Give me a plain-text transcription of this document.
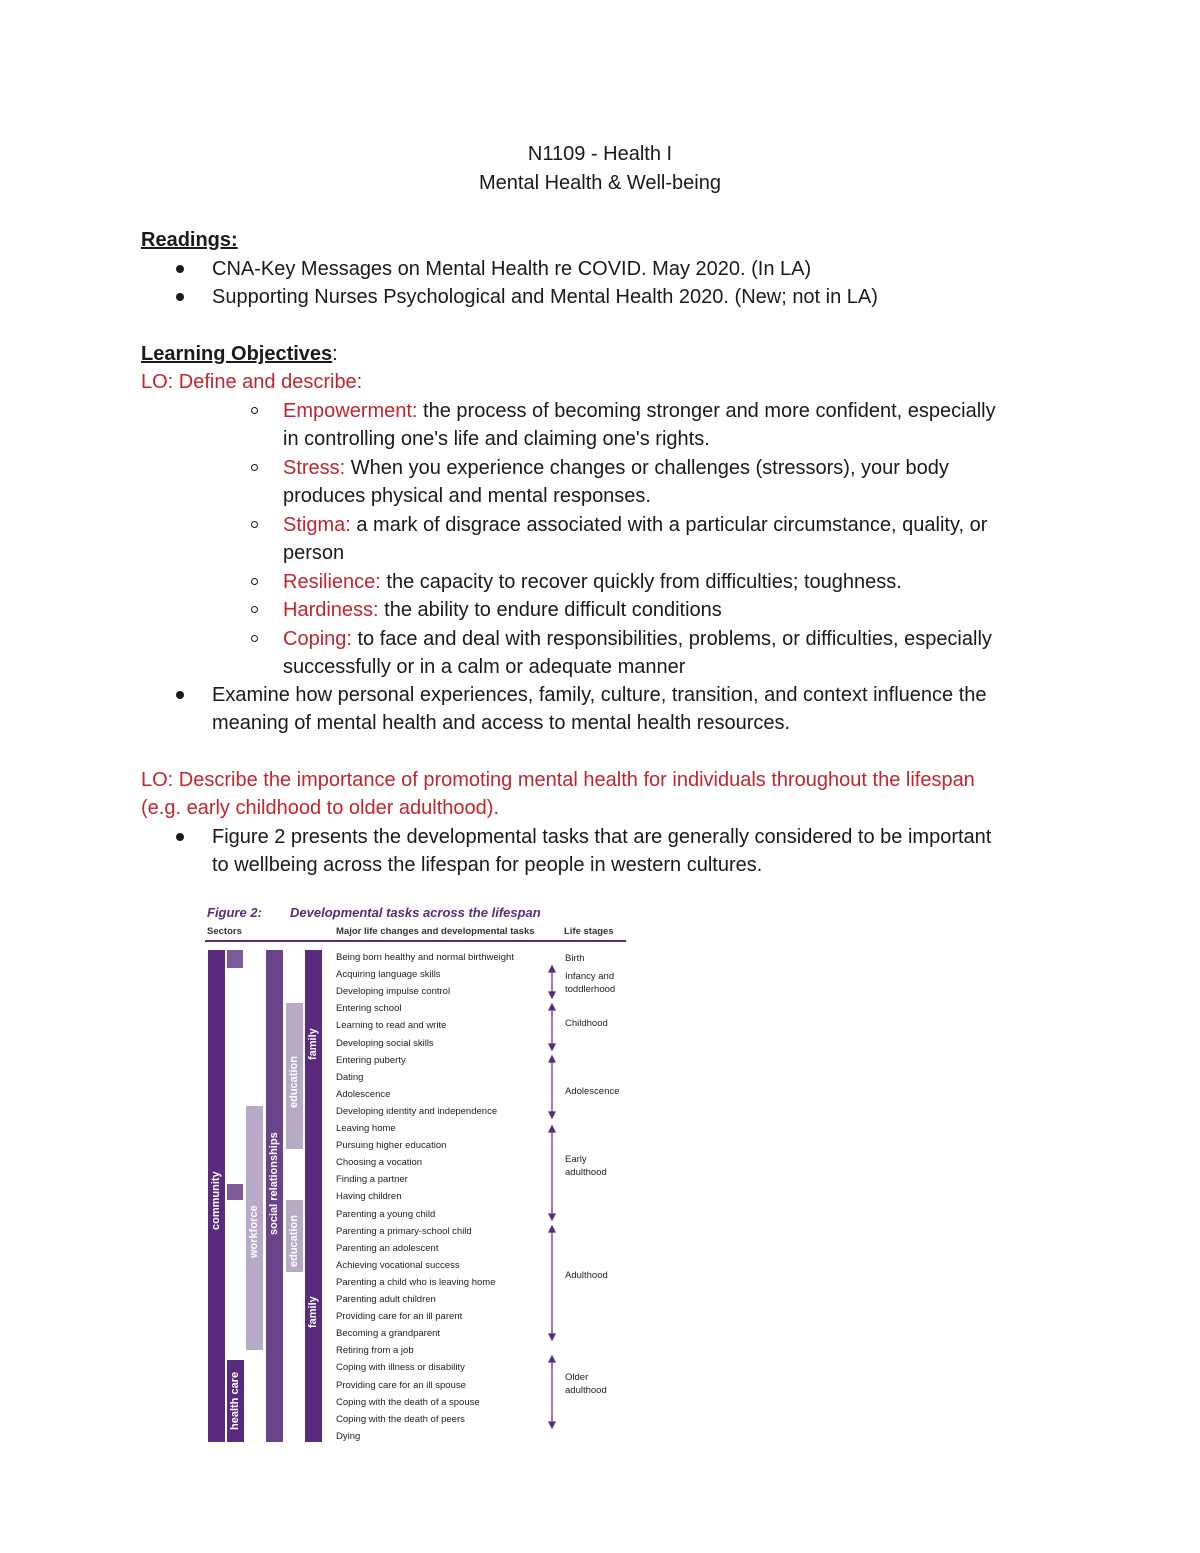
N1109 - Health I
Mental Health & Well-being
Readings:
CNA-Key Messages on Mental Health re COVID. May 2020. (In LA)
Supporting Nurses Psychological and Mental Health 2020. (New; not in LA)
Learning Objectives:
LO: Define and describe:
Empowerment: the process of becoming stronger and more confident, especially
in controlling one's life and claiming one's rights.
Stress: When you experience changes or challenges (stressors), your body
produces physical and mental responses.
Stigma: a mark of disgrace associated with a particular circumstance, quality, or
person
Resilience: the capacity to recover quickly from difficulties; toughness.
Hardiness: the ability to endure difficult conditions
Coping: to face and deal with responsibilities, problems, or difficulties, especially
successfully or in a calm or adequate manner
Examine how personal experiences, family, culture, transition, and context influence the
meaning of mental health and access to mental health resources.
LO: Describe the importance of promoting mental health for individuals throughout the lifespan
(e.g. early childhood to older adulthood).
Figure 2 presents the developmental tasks that are generally considered to be important
to wellbeing across the lifespan for people in western cultures.
Figure 2: Developmental tasks across the lifespan
Sectors	Major life changes and developmental tasks	Life stages
community
health care
workforce social relationships
education
education
family
family
Being born healthy and normal birthweight
Acquiring language skills
Developing impulse control
Entering school
Learning to read and write
Developing social skills
Entering puberty
Dating
Adolescence
Developing identity and independence
Leaving home
Pursuing higher education
Choosing a vocation
Finding a partner
Having children
Parenting a young child
Parenting a primary-school child
Parenting an adolescent
Achieving vocational success
Parenting a child who is leaving home
Parenting adult children
Providing care for an ill parent
Becoming a grandparent
Retiring from a job
Coping with illness or disability
Providing care for an ill spouse
Coping with the death of a spouse
Coping with the death of peers
Dying
Birth
Infancy and
toddlerhood
Childhood
Adolescence
Early
adulthood
Adulthood
Older
adulthood
